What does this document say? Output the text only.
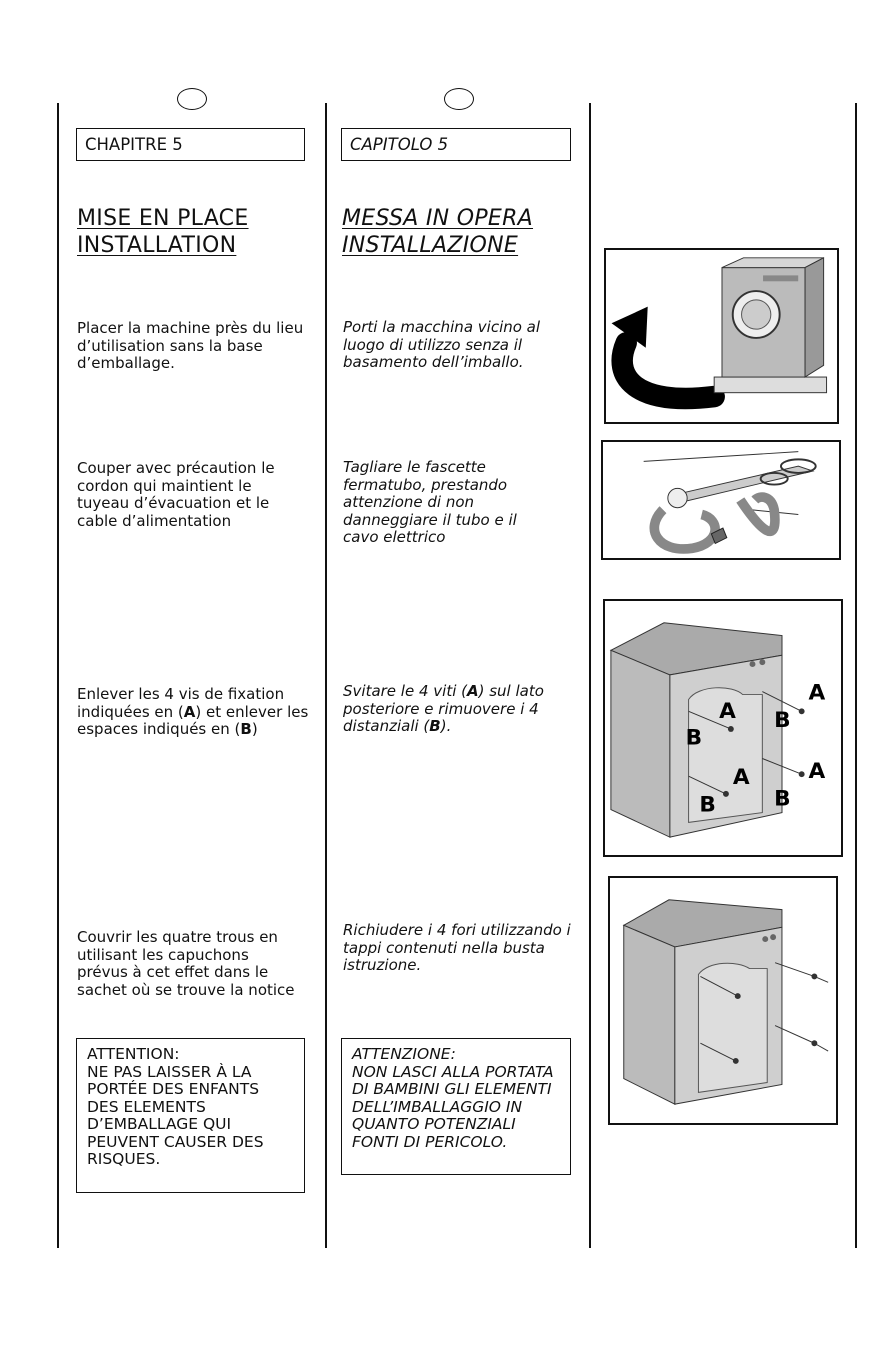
CHAPITRE 5	CAPITOLO 5
MISE EN PLACE
INSTALLATION
MESSA IN OPERA
INSTALLAZIONE
Placer la machine près du lieu d’utilisation sans la base d’emballage.
Couper avec précaution le cordon qui maintient le tuyeau d’évacuation et le cable d’alimentation
Enlever les 4 vis de fixation indiquées en (A) et enlever les espaces indiqués en (B)
Couvrir les quatre trous en utilisant les capuchons prévus à cet effet dans le sachet où se trouve la notice
Porti la macchina vicino al luogo di utilizzo senza il basamento dell’imballo.
Tagliare le fascette fermatubo, prestando attenzione di non danneggiare il tubo e il cavo elettrico
Svitare le 4 viti (A) sul lato posteriore e rimuovere i 4 distanziali (B).
Richiudere i 4 fori utilizzando i tappi contenuti nella busta istruzione.
ATTENTION:
NE PAS LAISSER À LA PORTÉE DES ENFANTS DES ELEMENTS D’EMBALLAGE QUI PEUVENT CAUSER DES RISQUES.
ATTENZIONE:
NON LASCI ALLA PORTATA DI BAMBINI GLI ELEMENTI DELL’IMBALLAGGIO IN QUANTO POTENZIALI FONTI DI PERICOLO.
A
B
A
B
A
A
B
B
